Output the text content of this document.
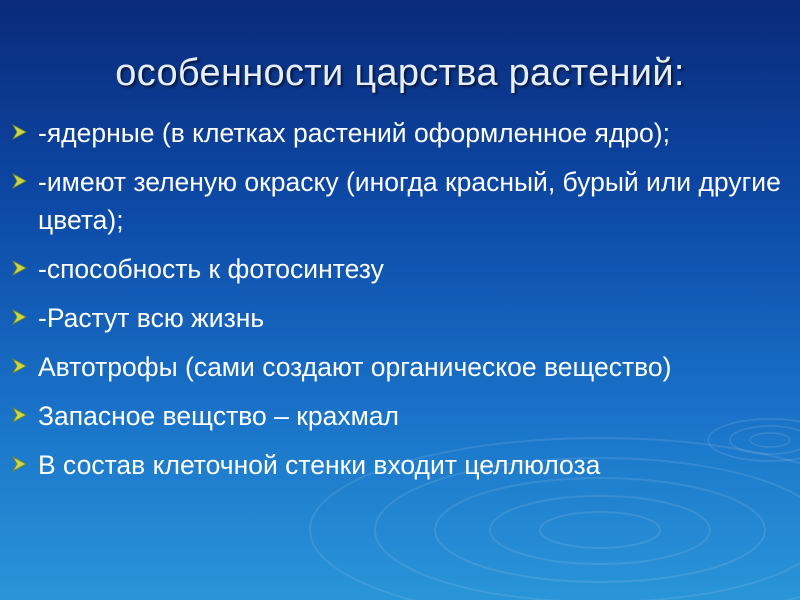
особенности царства растений:
-ядерные (в клетках растений оформленное ядро);
-имеют зеленую окраску (иногда красный, бурый или другие цвета);
-способность к фотосинтезу
-Растут всю жизнь
Автотрофы (сами создают органическое вещество)
Запасное вещство – крахмал
В состав клеточной стенки входит целлюлоза
